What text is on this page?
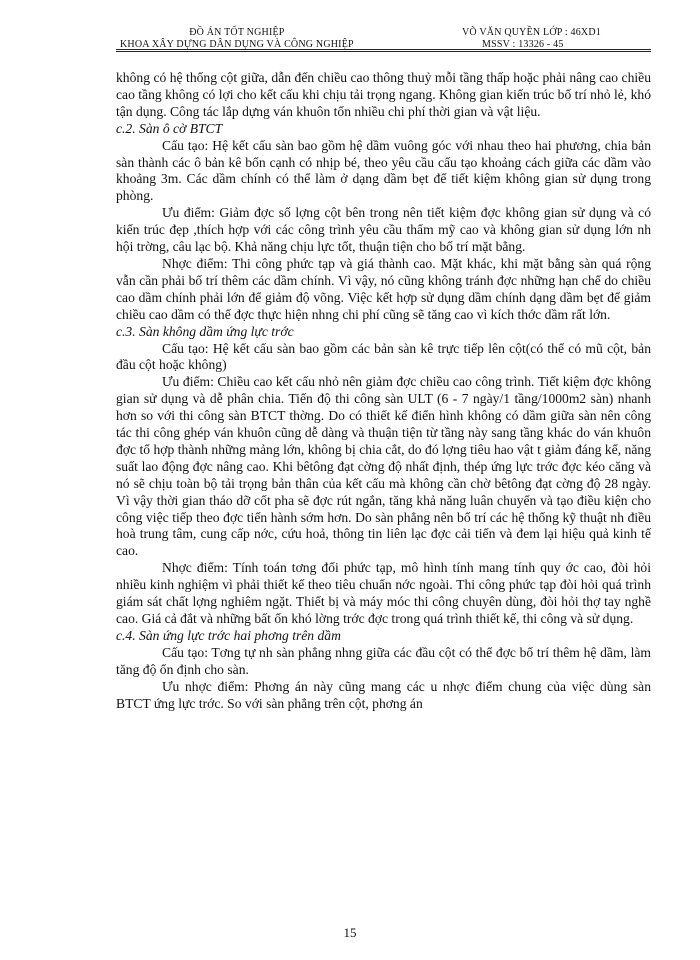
ĐỒ ÁN TỐT NGHIỆP
KHOA XÂY DỰNG DÂN DỤNG VÀ CÔNG NGHIỆP
VÕ VĂN QUYỀN LỚP : 46XD1
MSSV : 13326 - 45

không có hệ thống cột giữa, dẫn đến chiều cao thông thuỷ mỗi tầng thấp hoặc phải nâng cao chiều cao tầng không có lợi cho kết cấu khi chịu tải trọng ngang. Không gian kiến trúc bố trí nhỏ lẻ, khó tận dụng. Công tác lắp dựng ván khuôn tốn nhiều chi phí thời gian và vật liệu.

c.2. Sàn ô cờ BTCT

Cấu tạo: Hệ kết cấu sàn bao gồm hệ dầm vuông góc với nhau theo hai phương, chia bản sàn thành các ô bản kê bốn cạnh có nhịp bé, theo yêu cầu cấu tạo khoảng cách giữa các dầm vào khoảng 3m. Các dầm chính có thể làm ở dạng dầm bẹt để tiết kiệm không gian sử dụng trong phòng.

Ưu điểm: Giảm đợc số lợng cột bên trong nên tiết kiệm đợc không gian sử dụng và có kiến trúc đẹp ,thích hợp với các công trình yêu cầu thẩm mỹ cao và không gian sử dụng lớn nh hội trờng, câu lạc bộ. Khả năng chịu lực tốt, thuận tiện cho bố trí mặt bằng.

Nhợc điểm: Thi công phức tạp và giá thành cao. Mặt khác, khi mặt bằng sàn quá rộng vẫn cần phải bố trí thêm các dầm chính. Vì vậy, nó cũng không tránh đợc những hạn chế do chiều cao dầm chính phải lớn để giảm độ võng. Việc kết hợp sử dụng dầm chính dạng dầm bẹt để giảm chiều cao dầm có thể đợc thực hiện nhng chi phí cũng sẽ tăng cao vì kích thớc dầm rất lớn.

c.3. Sàn không dầm ứng lực trớc

Cấu tạo: Hệ kết cấu sàn bao gồm các bản sàn kê trực tiếp lên cột(có thể có mũ cột, bản đầu cột hoặc không)

Ưu điểm: Chiều cao kết cấu nhỏ nên giảm đợc chiều cao công trình. Tiết kiệm đợc không gian sử dụng và dễ phân chia. Tiến độ thi công sàn ULT (6 - 7 ngày/1 tầng/1000m2 sàn) nhanh hơn so với thi công sàn BTCT thờng. Do có thiết kế điển hình không có dầm giữa sàn nên công tác thi công ghép ván khuôn cũng dễ dàng và thuận tiện từ tầng này sang tầng khác do ván khuôn đợc tổ hợp thành những mảng lớn, không bị chia cắt, do đó lợng tiêu hao vật t giảm đáng kể, năng suất lao động đợc nâng cao. Khi bêtông đạt cờng độ nhất định, thép ứng lực trớc đợc kéo căng và nó sẽ chịu toàn bộ tải trọng bản thân của kết cấu mà không cần chờ bêtông đạt cờng độ 28 ngày. Vì vậy thời gian tháo dỡ cốt pha sẽ đợc rút ngắn, tăng khả năng luân chuyển và tạo điều kiện cho công việc tiếp theo đợc tiến hành sớm hơn. Do sàn phẳng nên bố trí các hệ thống kỹ thuật nh điều hoà trung tâm, cung cấp nớc, cứu hoả, thông tin liên lạc đợc cải tiến và đem lại hiệu quả kinh tế cao.

Nhợc điểm: Tính toán tơng đối phức tạp, mô hình tính mang tính quy ớc cao, đòi hỏi nhiều kinh nghiệm vì phải thiết kế theo tiêu chuẩn nớc ngoài. Thi công phức tạp đòi hỏi quá trình giám sát chất lợng nghiêm ngặt. Thiết bị và máy móc thi công chuyên dùng, đòi hỏi thợ tay nghề cao. Giá cả đắt và những bất ổn khó lờng trớc đợc trong quá trình thiết kế, thi công và sử dụng.

c.4. Sàn ứng lực trớc hai phơng trên dầm

Cấu tạo: Tơng tự nh sàn phẳng nhng giữa các đầu cột có thể đợc bố trí thêm hệ dầm, làm tăng độ ổn định cho sàn.

Ưu nhợc điểm: Phơng án này cũng mang các u nhợc điểm chung của việc dùng sàn BTCT ứng lực trớc. So với sàn phẳng trên cột, phơng án

15
